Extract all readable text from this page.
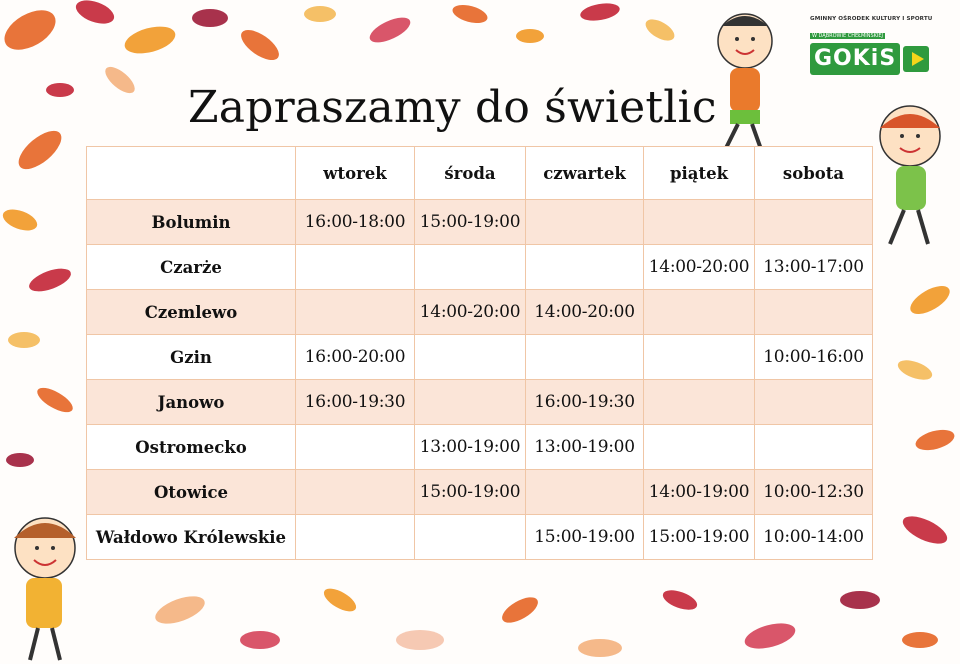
GMINNY OŚRODEK KULTURY I SPORTU
W DĄBROWIE CHEŁMIŃSKIEJ
GOKiS
Zapraszamy do świetlic
	wtorek	środa	czwartek	piątek	sobota
Bolumin	16:00-18:00	15:00-19:00			
Czarże				14:00-20:00	13:00-17:00
Czemlewo		14:00-20:00	14:00-20:00		
Gzin	16:00-20:00				10:00-16:00
Janowo	16:00-19:30		16:00-19:30		
Ostromecko		13:00-19:00	13:00-19:00		
Otowice		15:00-19:00		14:00-19:00	10:00-12:30
Wałdowo Królewskie			15:00-19:00	15:00-19:00	10:00-14:00
